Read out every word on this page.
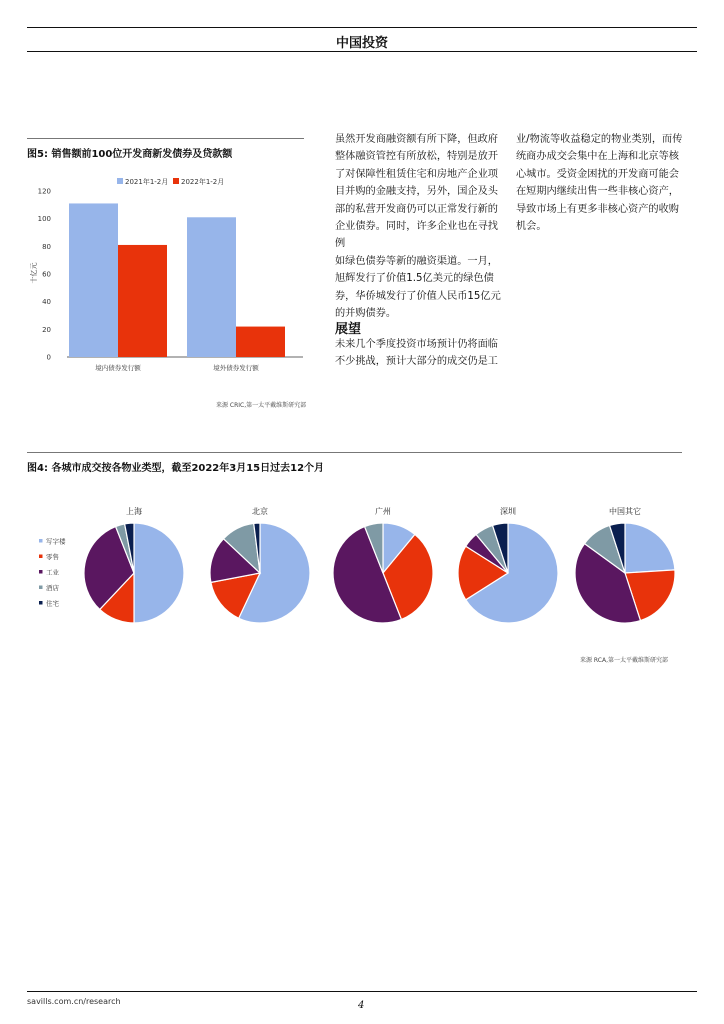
中国投资
图5: 销售额前100位开发商新发债券及贷款额
2021年1-2月 2022年1-2月
0
20
40
60
80
100
120
十亿元
境内债券发行额	境外债券发行额
来源 CRIC,第一太平戴维斯研究部

虽然开发商融资额有所下降，但政府

整体融资管控有所放松，特别是放开

了对保障性租赁住宅和房地产企业项

目并购的金融支持，另外，国企及头

部的私营开发商仍可以正常发行新的

企业债券。同时，许多企业也在寻找例

如绿色债券等新的融资渠道。一月，

旭辉发行了价值1.5亿美元的绿色债

券，华侨城发行了价值人民币15亿元

的并购债券。

展望

未来几个季度投资市场预计仍将面临

不少挑战，预计大部分的成交仍是工

业/物流等收益稳定的物业类别，而传

统商办成交会集中在上海和北京等核

心城市。受资金困扰的开发商可能会

在短期内继续出售一些非核心资产，

导致市场上有更多非核心资产的收购

机会。

图4: 各城市成交按各物业类型，截至2022年3月15日过去12个月
写字楼
零售
工业
酒店
住宅
上海	北京	广州	深圳	中国其它
来源 RCA,第一太平戴维斯研究部
savills.com.cn/research	4
